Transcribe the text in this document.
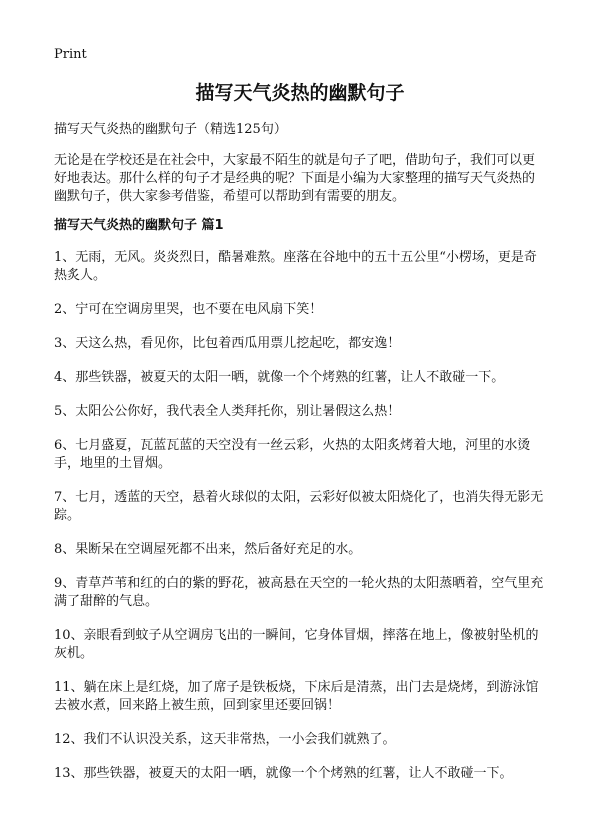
Print
描写天气炎热的幽默句子

描写天气炎热的幽默句子（精选125句）

无论是在学校还是在社会中，大家最不陌生的就是句子了吧，借助句子，我们可以更好地表达。那什么样的句子才是经典的呢？下面是小编为大家整理的描写天气炎热的幽默句子，供大家参考借鉴，希望可以帮助到有需要的朋友。

描写天气炎热的幽默句子 篇1
1、无雨，无风。炎炎烈日，酷暑难熬。座落在谷地中的五十五公里“小楞场，更是奇热炙人。
2、宁可在空调房里哭，也不要在电风扇下笑！
3、天这么热，看见你，比包着西瓜用票儿挖起吃，都安逸！
4、那些铁器，被夏天的太阳一晒，就像一个个烤熟的红薯，让人不敢碰一下。
5、太阳公公你好，我代表全人类拜托你，别让暑假这么热！
6、七月盛夏，瓦蓝瓦蓝的天空没有一丝云彩，火热的太阳炙烤着大地，河里的水烫手，地里的土冒烟。
7、七月，透蓝的天空，悬着火球似的太阳，云彩好似被太阳烧化了，也消失得无影无踪。
8、果断呆在空调屋死都不出来，然后备好充足的水。
9、青草芦苇和红的白的紫的野花，被高悬在天空的一轮火热的太阳蒸晒着，空气里充满了甜醉的气息。
10、亲眼看到蚊子从空调房飞出的一瞬间，它身体冒烟，摔落在地上，像被射坠机的灰机。
11、躺在床上是红烧，加了席子是铁板烧，下床后是清蒸，出门去是烧烤，到游泳馆去被水煮，回来路上被生煎，回到家里还要回锅！
12、我们不认识没关系，这天非常热，一小会我们就熟了。
13、那些铁器，被夏天的太阳一晒，就像一个个烤熟的红薯，让人不敢碰一下。
